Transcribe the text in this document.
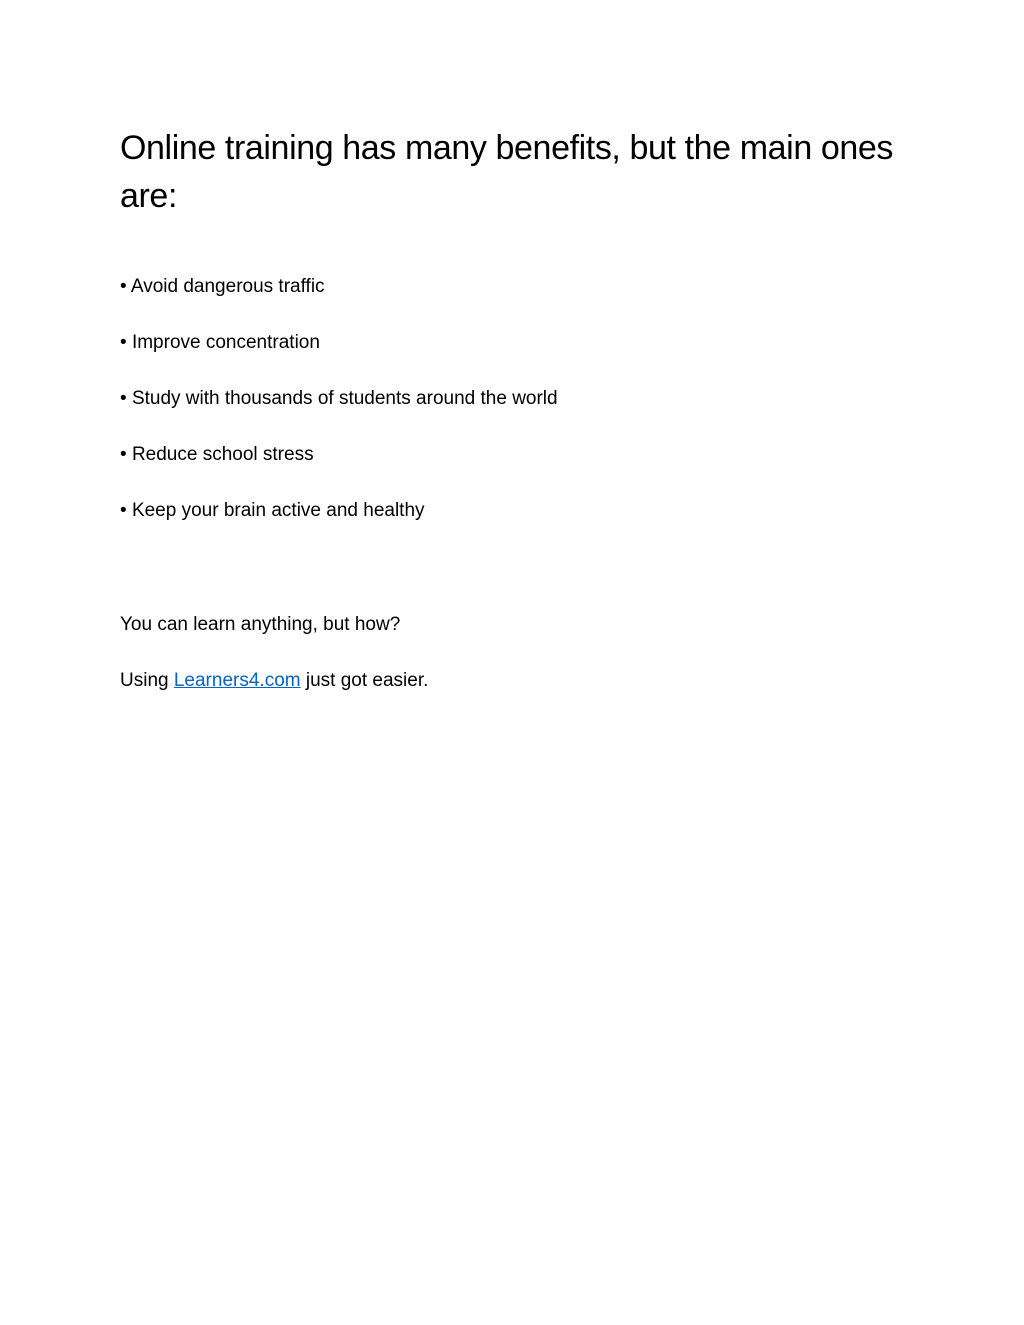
Online training has many benefits, but the main ones are:
• Avoid dangerous traffic
• Improve concentration
• Study with thousands of students around the world
• Reduce school stress
• Keep your brain active and healthy

You can learn anything, but how?

Using Learners4.com just got easier.
